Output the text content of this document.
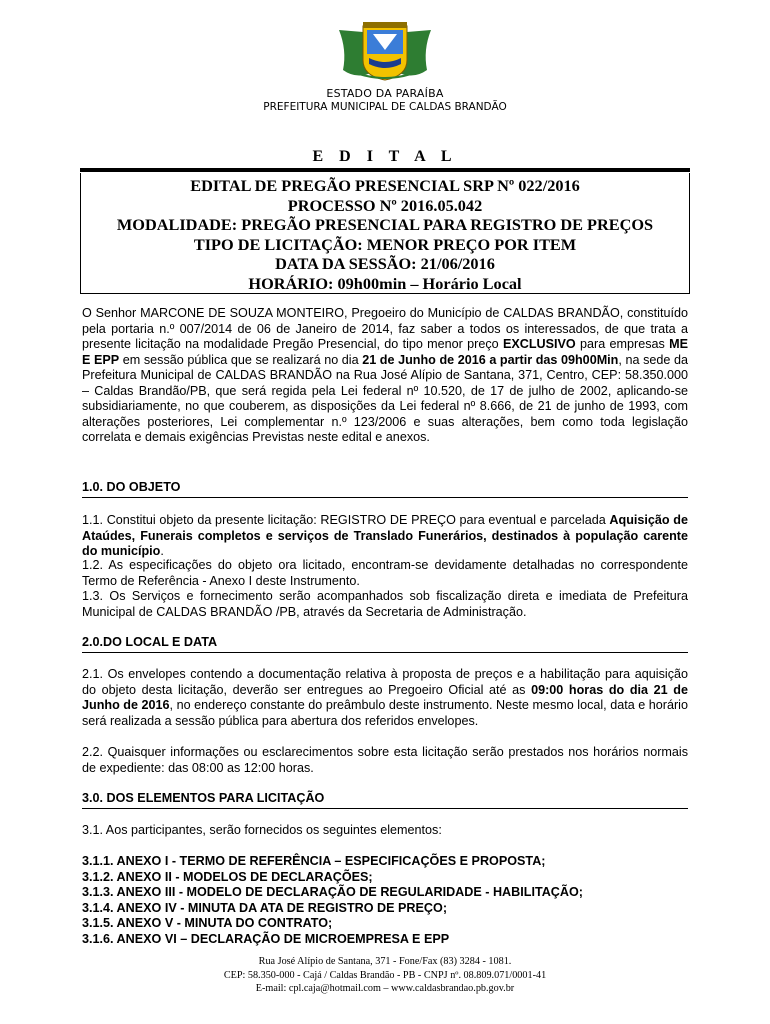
ESTADO DA PARAÍBA
PREFEITURA MUNICIPAL DE CALDAS BRANDÃO
E D I T A L
EDITAL DE PREGÃO PRESENCIAL SRP Nº 022/2016
PROCESSO Nº 2016.05.042
MODALIDADE: PREGÃO PRESENCIAL PARA REGISTRO DE PREÇOS
TIPO DE LICITAÇÃO: MENOR PREÇO POR ITEM
DATA DA SESSÃO: 21/06/2016
HORÁRIO: 09h00min – Horário Local

O Senhor MARCONE DE SOUZA MONTEIRO, Pregoeiro do Município de CALDAS BRANDÃO, constituído pela portaria n.º 007/2014 de 06 de Janeiro de 2014, faz saber a todos os interessados, de que trata a presente licitação na modalidade Pregão Presencial, do tipo menor preço EXCLUSIVO para empresas ME E EPP em sessão pública que se realizará no dia 21 de Junho de 2016 a partir das 09h00Min, na sede da Prefeitura Municipal de CALDAS BRANDÃO na Rua José Alípio de Santana, 371, Centro, CEP: 58.350.000 – Caldas Brandão/PB, que será regida pela Lei federal nº 10.520, de 17 de julho de 2002, aplicando-se subsidiariamente, no que couberem, as disposições da Lei federal nº 8.666, de 21 de junho de 1993, com alterações posteriores, Lei complementar n.º 123/2006 e suas alterações, bem como toda legislação correlata e demais exigências Previstas neste edital e anexos.

1.0. DO OBJETO

1.1. Constitui objeto da presente licitação: REGISTRO DE PREÇO para eventual e parcelada Aquisição de Ataúdes, Funerais completos e serviços de Translado Funerários, destinados à população carente do município.

1.2. As especificações do objeto ora licitado, encontram-se devidamente detalhadas no correspondente Termo de Referência - Anexo I deste Instrumento.

1.3. Os Serviços e fornecimento serão acompanhados sob fiscalização direta e imediata de Prefeitura Municipal de CALDAS BRANDÃO /PB, através da Secretaria de Administração.

2.0.DO LOCAL E DATA

2.1. Os envelopes contendo a documentação relativa à proposta de preços e a habilitação para aquisição do objeto desta licitação, deverão ser entregues ao Pregoeiro Oficial até as 09:00 horas do dia 21 de Junho de 2016, no endereço constante do preâmbulo deste instrumento. Neste mesmo local, data e horário será realizada a sessão pública para abertura dos referidos envelopes.

2.2. Quaisquer informações ou esclarecimentos sobre esta licitação serão prestados nos horários normais de expediente: das 08:00 as 12:00 horas.

3.0. DOS ELEMENTOS PARA LICITAÇÃO

3.1. Aos participantes, serão fornecidos os seguintes elementos:

3.1.1. ANEXO I - TERMO DE REFERÊNCIA – ESPECIFICAÇÕES E PROPOSTA;
3.1.2. ANEXO II - MODELOS DE DECLARAÇÕES;
3.1.3. ANEXO III - MODELO DE DECLARAÇÃO DE REGULARIDADE - HABILITAÇÃO;
3.1.4. ANEXO IV - MINUTA DA ATA DE REGISTRO DE PREÇO;
3.1.5. ANEXO V - MINUTA DO CONTRATO;
3.1.6. ANEXO VI – DECLARAÇÃO DE MICROEMPRESA E EPP
Rua José Alípio de Santana, 371 - Fone/Fax (83) 3284 - 1081.
CEP: 58.350-000 - Cajá / Caldas Brandão - PB - CNPJ nº. 08.809.071/0001-41
E-mail: cpl.caja@hotmail.com – www.caldasbrandao.pb.gov.br
